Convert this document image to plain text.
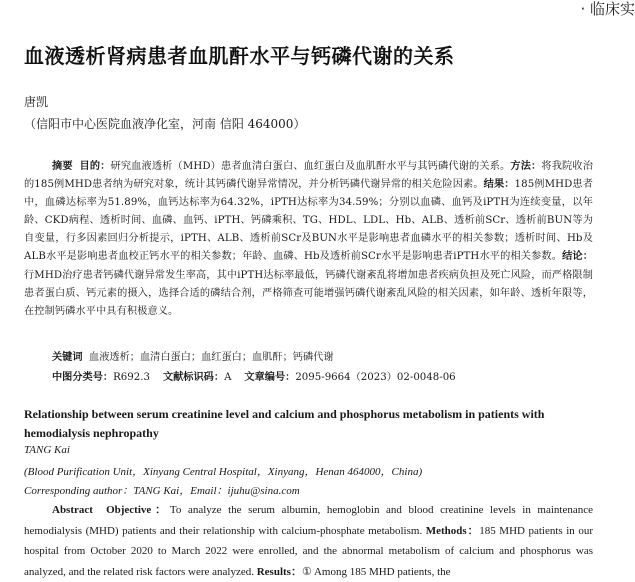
· 临床实
血液透析肾病患者血肌酐水平与钙磷代谢的关系
唐凯
（信阳市中心医院血液净化室，河南 信阳 464000）
摘要 目的：研究血液透析（MHD）患者血清白蛋白、血红蛋白及血肌酐水平与其钙磷代谢的关系。方法：将我院收治的185例MHD患者纳为研究对象，统计其钙磷代谢异常情况，并分析钙磷代谢异常的相关危险因素。结果：185例MHD患者中，血磷达标率为51.89%，血钙达标率为64.32%，iPTH达标率为34.59%；分别以血磷、血钙及iPTH为连续变量，以年龄、CKD病程、透析时间、血磷、血钙、iPTH、钙磷乘积、TG、HDL、LDL、Hb、ALB、透析前SCr、透析前BUN等为自变量，行多因素回归分析提示，iPTH、ALB、透析前SCr及BUN水平是影响患者血磷水平的相关参数；透析时间、Hb及ALB水平是影响患者血校正钙水平的相关参数；年龄、血磷、Hb及透析前SCr水平是影响患者iPTH水平的相关参数。结论：行MHD治疗患者钙磷代谢异常发生率高，其中iPTH达标率最低，钙磷代谢紊乱将增加患者疾病负担及死亡风险，而严格限制患者蛋白质、钙元素的摄入，选择合适的磷结合剂，严格筛查可能增强钙磷代谢紊乱风险的相关因素，如年龄、透析年限等，在控制钙磷水平中具有积极意义。
关键词 血液透析；血清白蛋白；血红蛋白；血肌酐；钙磷代谢
中图分类号：R692.3 文献标识码：A 文章编号：2095-9664（2023）02-0048-06
Relationship between serum creatinine level and calcium and phosphorus metabolism in patients with hemodialysis nephropathy
TANG Kai
(Blood Purification Unit，Xinyang Central Hospital，Xinyang，Henan 464000，China)
Corresponding author：TANG Kai，Email：ijuhu@sina.com
Abstract Objective：To analyze the serum albumin, hemoglobin and blood creatinine levels in maintenance hemodialysis (MHD) patients and their relationship with calcium-phosphate metabolism. Methods：185 MHD patients in our hospital from October 2020 to March 2022 were enrolled, and the abnormal metabolism of calcium and phosphorus was analyzed, and the related risk factors were analyzed. Results：① Among 185 MHD patients, the
